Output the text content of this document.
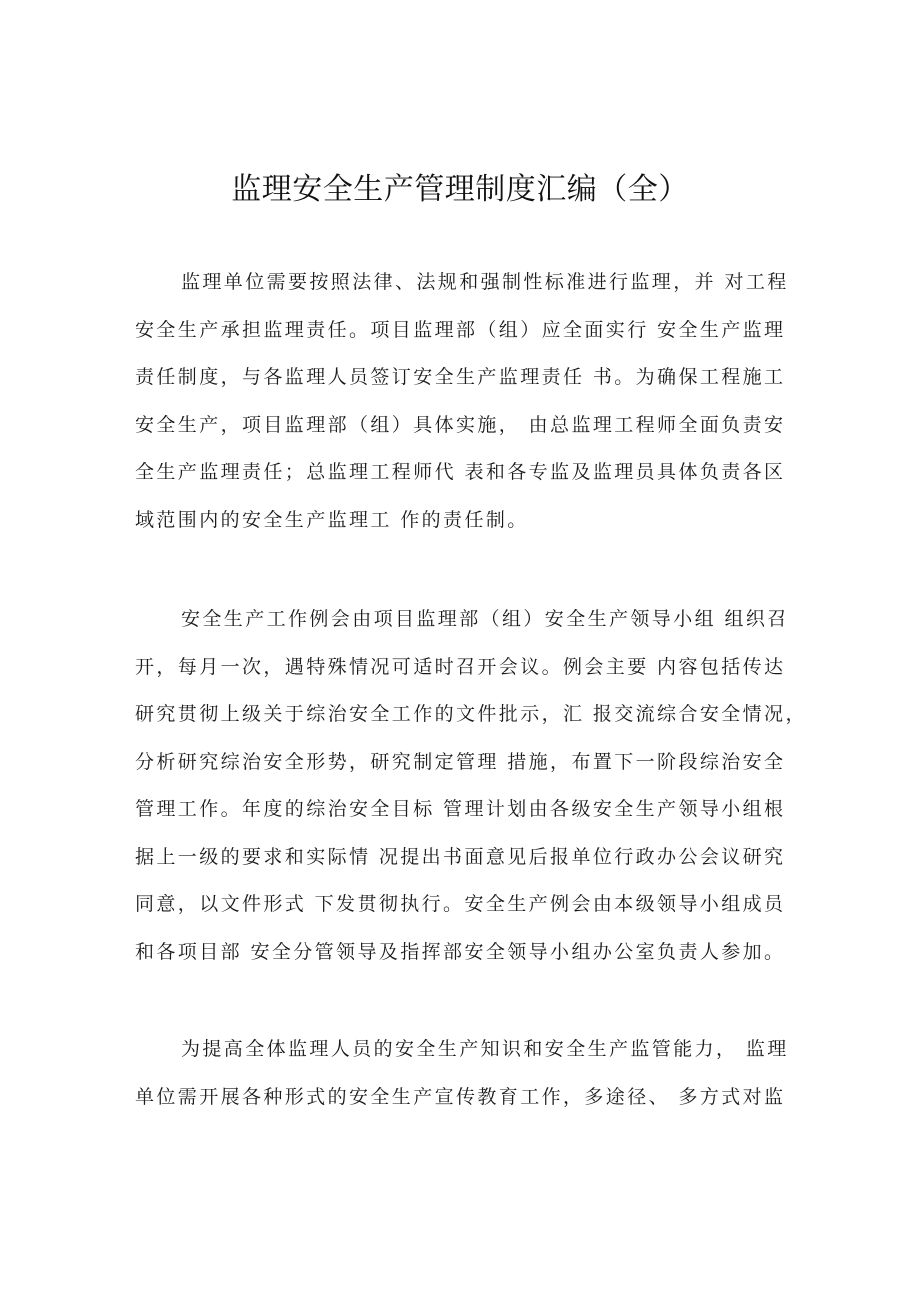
监理安全生产管理制度汇编（全）
监理单位需要按照法律、法规和强制性标准进行监理，并 对工程
安全生产承担监理责任。项目监理部（组）应全面实行 安全生产监理
责任制度，与各监理人员签订安全生产监理责任 书。为确保工程施工
安全生产，项目监理部（组）具体实施， 由总监理工程师全面负责安
全生产监理责任；总监理工程师代 表和各专监及监理员具体负责各区
域范围内的安全生产监理工 作的责任制。
安全生产工作例会由项目监理部（组）安全生产领导小组 组织召
开，每月一次，遇特殊情况可适时召开会议。例会主要 内容包括传达
研究贯彻上级关于综治安全工作的文件批示，汇 报交流综合安全情况，
分析研究综治安全形势，研究制定管理 措施，布置下一阶段综治安全
管理工作。年度的综治安全目标 管理计划由各级安全生产领导小组根
据上一级的要求和实际情 况提出书面意见后报单位行政办公会议研究
同意，以文件形式 下发贯彻执行。安全生产例会由本级领导小组成员
和各项目部 安全分管领导及指挥部安全领导小组办公室负责人参加。
为提高全体监理人员的安全生产知识和安全生产监管能力， 监理
单位需开展各种形式的安全生产宣传教育工作，多途径、 多方式对监
